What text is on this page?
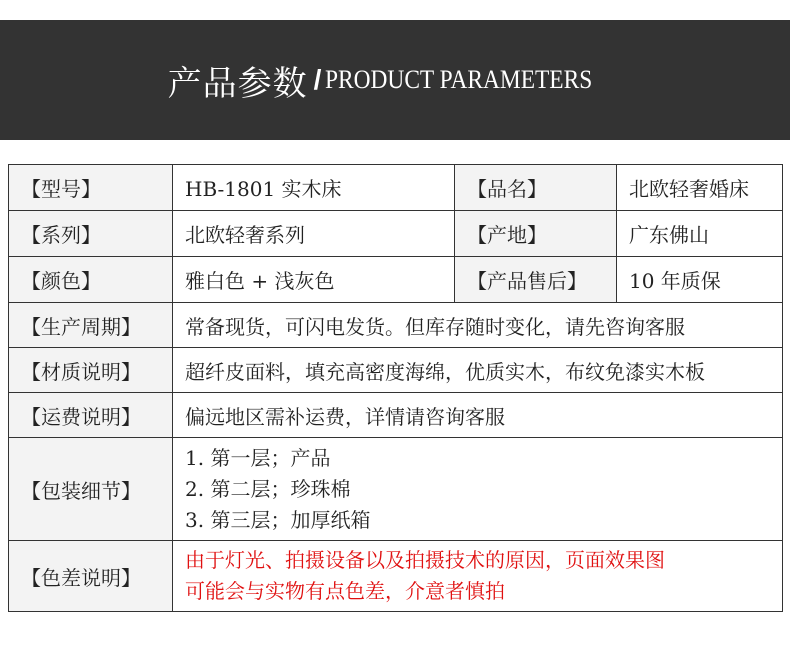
产品参数 / PRODUCT PARAMETERS
【型号】	HB-1801 实木床	【品名】	北欧轻奢婚床
【系列】	北欧轻奢系列	【产地】	广东佛山
【颜色】	雅白色 + 浅灰色	【产品售后】	10 年质保
【生产周期】	常备现货，可闪电发货。但库存随时变化，请先咨询客服		
【材质说明】	超纤皮面料，填充高密度海绵，优质实木，布纹免漆实木板		
【运费说明】	偏远地区需补运费，详情请咨询客服		
【包装细节】	1. 第一层；产品
2. 第二层；珍珠棉
3. 第三层；加厚纸箱		

【色差说明】	由于灯光、拍摄设备以及拍摄技术的原因，页面效果图
可能会与实物有点色差，介意者慎拍		
